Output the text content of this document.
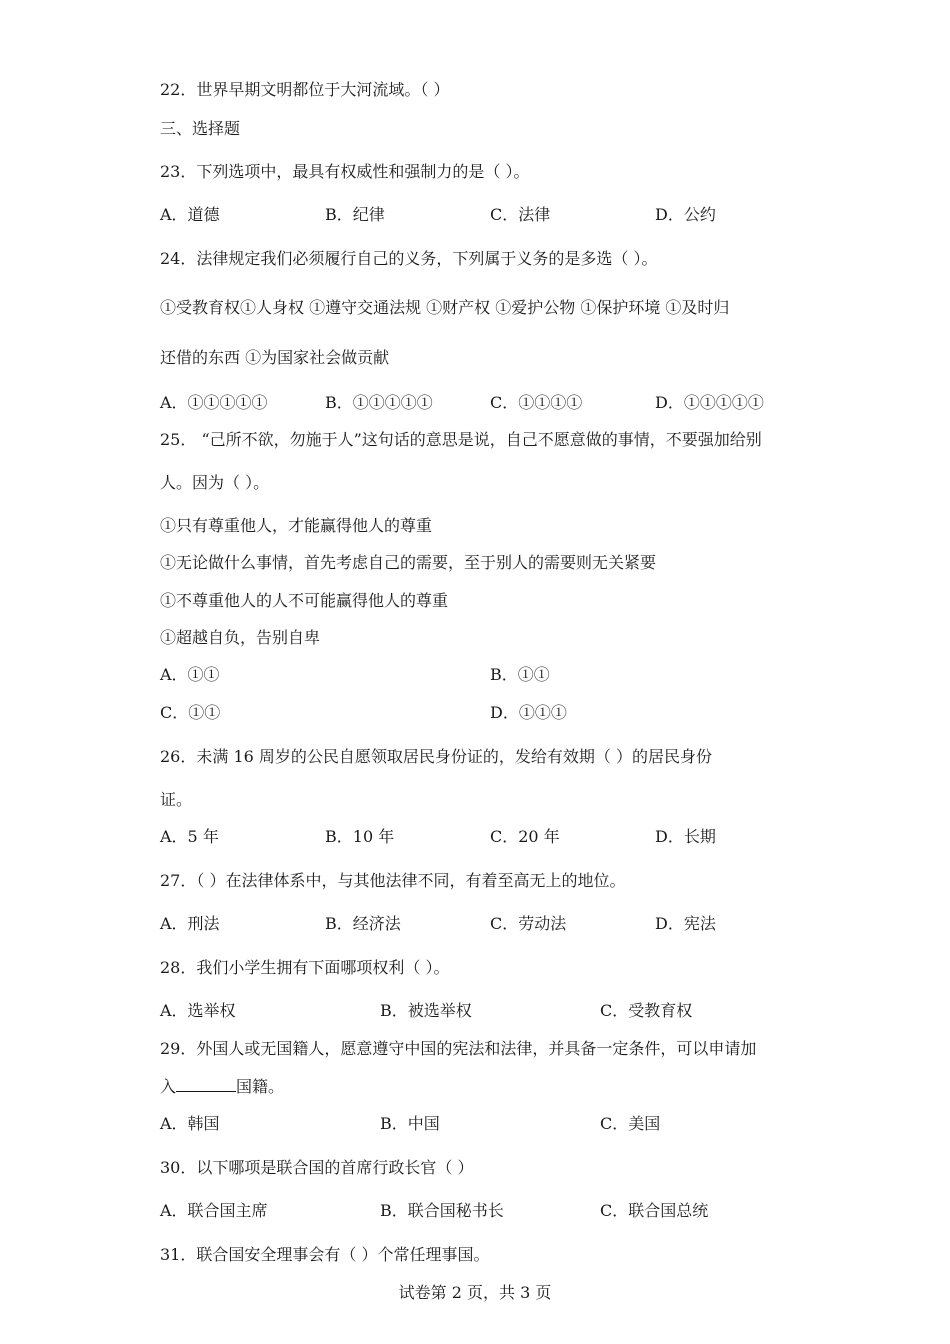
22．世界早期文明都位于大河流域。（ ）
三、选择题
23．下列选项中，最具有权威性和强制力的是（ ）。
A．道德	B．纪律	C．法律	D．公约
24．法律规定我们必须履行自己的义务，下列属于义务的是多选（ ）。
①受教育权①人身权 ①遵守交通法规 ①财产权 ①爱护公物 ①保护环境 ①及时归
还借的东西 ①为国家社会做贡献
A．①①①①①	B．①①①①①	C．①①①①	D．①①①①①
25． “己所不欲，勿施于人”这句话的意思是说，自己不愿意做的事情，不要强加给别
人。因为（ ）。
①只有尊重他人，才能赢得他人的尊重
①无论做什么事情，首先考虑自己的需要，至于别人的需要则无关紧要
①不尊重他人的人不可能赢得他人的尊重
①超越自负，告别自卑
A．①①	B．①①
C．①①	D．①①①
26．未满 16 周岁的公民自愿领取居民身份证的，发给有效期（ ）的居民身份
证。
A．5 年	B．10 年	C．20 年	D．长期
27．（ ）在法律体系中，与其他法律不同，有着至高无上的地位。
A．刑法	B．经济法	C．劳动法	D．宪法
28．我们小学生拥有下面哪项权利（ ）。
A．选举权	B．被选举权	C．受教育权
29．外国人或无国籍人，愿意遵守中国的宪法和法律，并具备一定条件，可以申请加
入	国籍。
A．韩国	B．中国	C．美国
30．以下哪项是联合国的首席行政长官（ ）
A．联合国主席	B．联合国秘书长	C．联合国总统
31．联合国安全理事会有（ ）个常任理事国。
试卷第 2 页，共 3 页
